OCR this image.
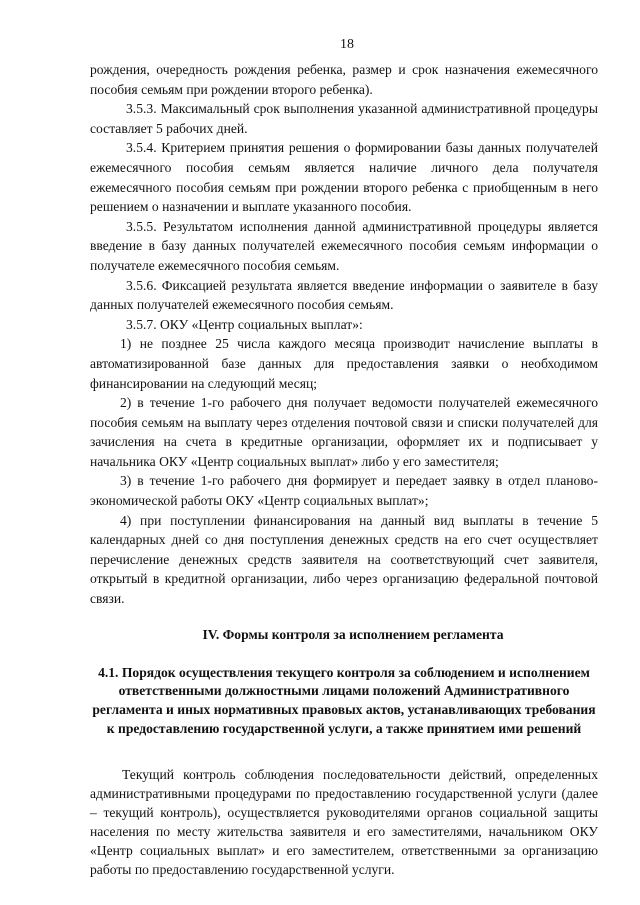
18

рождения, очередность рождения ребенка, размер и срок назначения ежемесячного пособия семьям при рождении второго ребенка).

3.5.3. Максимальный срок выполнения указанной административной процедуры составляет 5 рабочих дней.

3.5.4. Критерием принятия решения о формировании базы данных получателей ежемесячного пособия семьям является наличие личного дела получателя ежемесячного пособия семьям при рождении второго ребенка с приобщенным в него решением о назначении и выплате указанного пособия.

3.5.5. Результатом исполнения данной административной процедуры является введение в базу данных получателей ежемесячного пособия семьям информации о получателе ежемесячного пособия семьям.

3.5.6. Фиксацией результата является введение информации о заявителе в базу данных получателей ежемесячного пособия семьям.

3.5.7. ОКУ «Центр социальных выплат»:

1) не позднее 25 числа каждого месяца производит начисление выплаты в автоматизированной базе данных для предоставления заявки о необходимом финансировании на следующий месяц;

2) в течение 1-го рабочего дня получает ведомости получателей ежемесячного пособия семьям на выплату через отделения почтовой связи и списки получателей для зачисления на счета в кредитные организации, оформляет их и подписывает у начальника ОКУ «Центр социальных выплат» либо у его заместителя;

3) в течение 1-го рабочего дня формирует и передает заявку в отдел планово-экономической работы ОКУ «Центр социальных выплат»;

4) при поступлении финансирования на данный вид выплаты в течение 5 календарных дней со дня поступления денежных средств на его счет осуществляет перечисление денежных средств заявителя на соответствующий счет заявителя, открытый в кредитной организации, либо через организацию федеральной почтовой связи.

IV. Формы контроля за исполнением регламента
4.1. Порядок осуществления текущего контроля за соблюдением и исполнением ответственными должностными лицами положений Административного регламента и иных нормативных правовых актов, устанавливающих требования к предоставлению государственной услуги, а также принятием ими решений

Текущий контроль соблюдения последовательности действий, определенных административными процедурами по предоставлению государственной услуги (далее – текущий контроль), осуществляется руководителями органов социальной защиты населения по месту жительства заявителя и его заместителями, начальником ОКУ «Центр социальных выплат» и его заместителем, ответственными за организацию работы по предоставлению государственной услуги.
